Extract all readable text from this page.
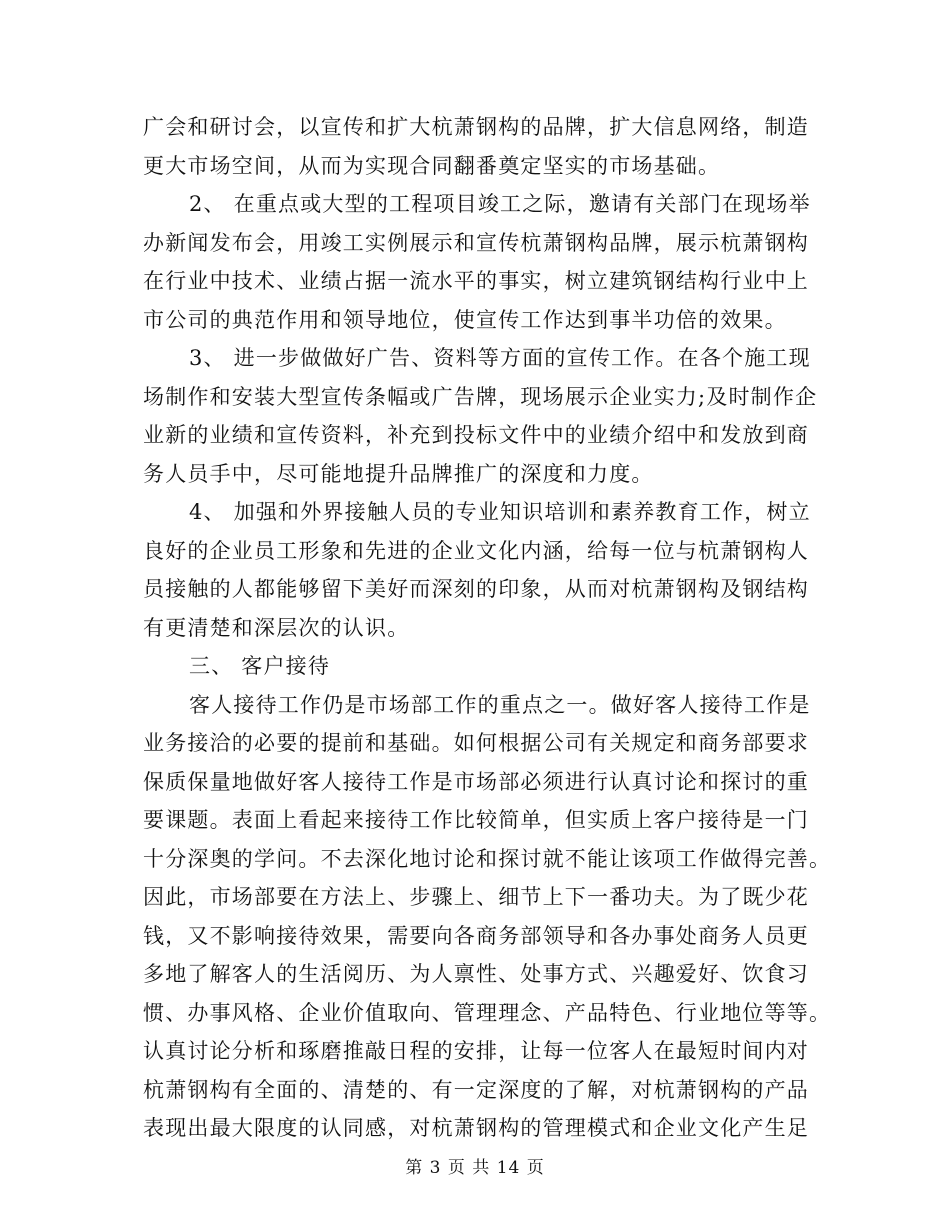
广会和研讨会，以宣传和扩大杭萧钢构的品牌，扩大信息网络，制造
更大市场空间，从而为实现合同翻番奠定坚实的市场基础。
2、 在重点或大型的工程项目竣工之际，邀请有关部门在现场举
办新闻发布会，用竣工实例展示和宣传杭萧钢构品牌，展示杭萧钢构
在行业中技术、业绩占据一流水平的事实，树立建筑钢结构行业中上
市公司的典范作用和领导地位，使宣传工作达到事半功倍的效果。
3、 进一步做做好广告、资料等方面的宣传工作。在各个施工现
场制作和安装大型宣传条幅或广告牌，现场展示企业实力;及时制作企
业新的业绩和宣传资料，补充到投标文件中的业绩介绍中和发放到商
务人员手中，尽可能地提升品牌推广的深度和力度。
4、 加强和外界接触人员的专业知识培训和素养教育工作，树立
良好的企业员工形象和先进的企业文化内涵，给每一位与杭萧钢构人
员接触的人都能够留下美好而深刻的印象，从而对杭萧钢构及钢结构
有更清楚和深层次的认识。
三、 客户接待
客人接待工作仍是市场部工作的重点之一。做好客人接待工作是
业务接洽的必要的提前和基础。如何根据公司有关规定和商务部要求
保质保量地做好客人接待工作是市场部必须进行认真讨论和探讨的重
要课题。表面上看起来接待工作比较简单，但实质上客户接待是一门
十分深奥的学问。不去深化地讨论和探讨就不能让该项工作做得完善。
因此，市场部要在方法上、步骤上、细节上下一番功夫。为了既少花
钱，又不影响接待效果，需要向各商务部领导和各办事处商务人员更
多地了解客人的生活阅历、为人禀性、处事方式、兴趣爱好、饮食习
惯、办事风格、企业价值取向、管理理念、产品特色、行业地位等等。
认真讨论分析和琢磨推敲日程的安排，让每一位客人在最短时间内对
杭萧钢构有全面的、清楚的、有一定深度的了解，对杭萧钢构的产品
表现出最大限度的认同感，对杭萧钢构的管理模式和企业文化产生足
第 3 页 共 14 页
